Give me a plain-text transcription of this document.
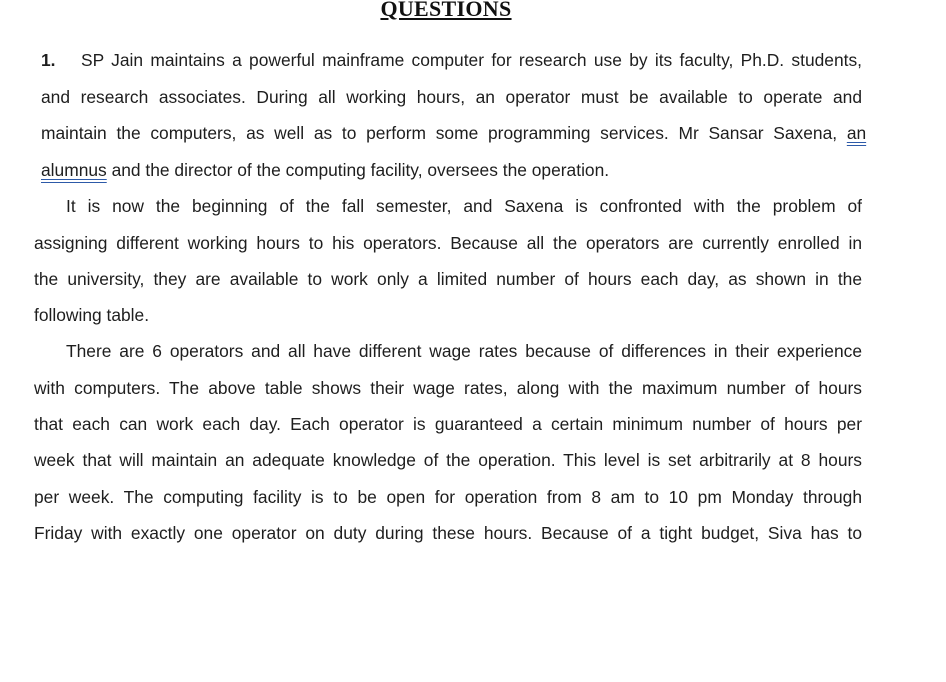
QUESTIONS
1. SP Jain maintains a powerful mainframe computer for research use by its faculty, Ph.D. students,
and research associates. During all working hours, an operator must be available to operate and
maintain the computers, as well as to perform some programming services. Mr Sansar Saxena, an
alumnus and the director of the computing facility, oversees the operation.
It is now the beginning of the fall semester, and Saxena is confronted with the problem of
assigning different working hours to his operators. Because all the operators are currently enrolled in
the university, they are available to work only a limited number of hours each day, as shown in the
following table.
There are 6 operators and all have different wage rates because of differences in their experience
with computers. The above table shows their wage rates, along with the maximum number of hours
that each can work each day. Each operator is guaranteed a certain minimum number of hours per
week that will maintain an adequate knowledge of the operation. This level is set arbitrarily at 8 hours
per week. The computing facility is to be open for operation from 8 am to 10 pm Monday through
Friday with exactly one operator on duty during these hours. Because of a tight budget, Siva has to
